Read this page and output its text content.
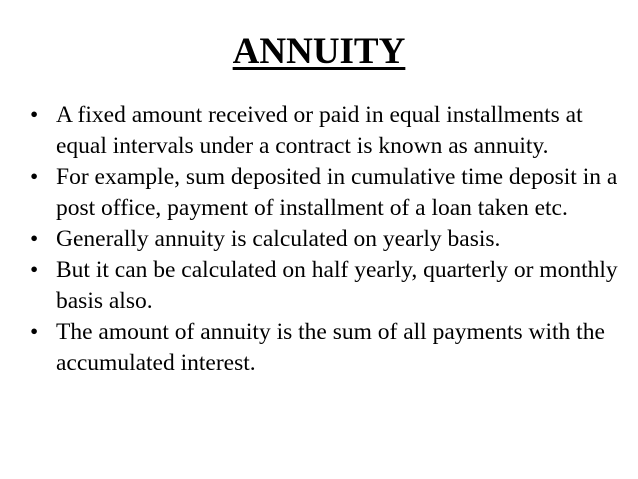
ANNUITY
• A fixed amount received or paid in equal installments at equal intervals under a contract is known as annuity.
• For example, sum deposited in cumulative time deposit in a post office, payment of installment of a loan taken etc.
• Generally annuity is calculated on yearly basis.
• But it can be calculated on half yearly, quarterly or monthly basis also.
• The amount of annuity is the sum of all payments with the accumulated interest.
